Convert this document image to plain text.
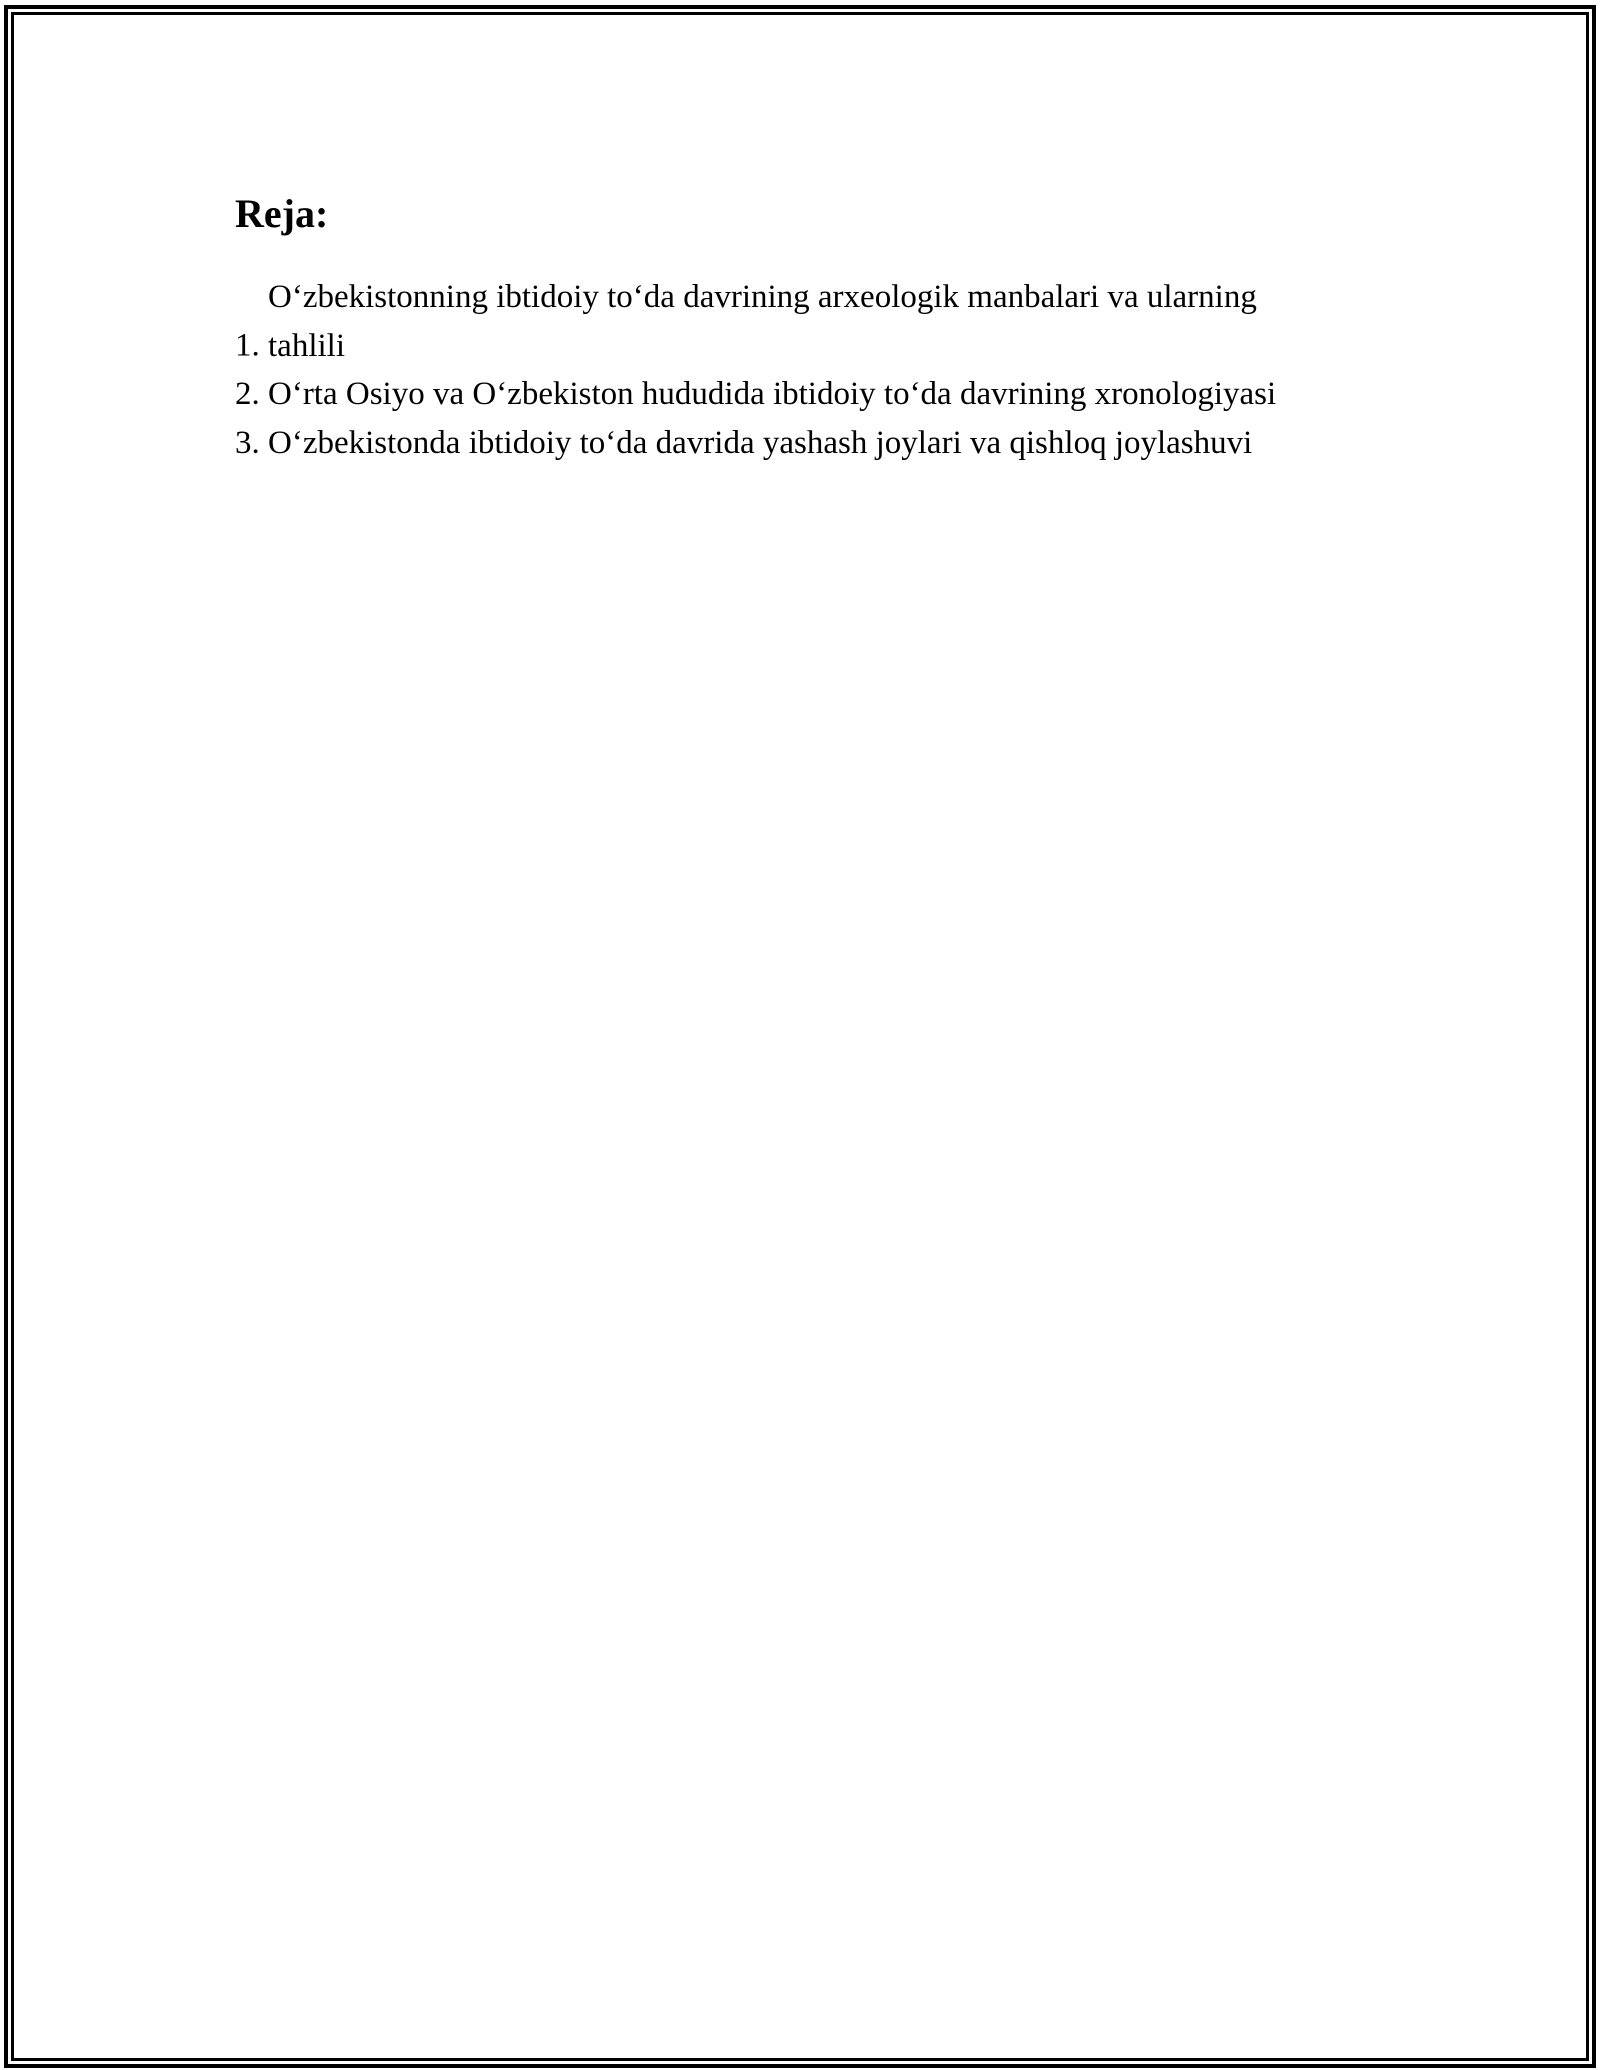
Reja:
1. O‘zbekistonning ibtidoiy to‘da davrining arxeologik manbalari va ularning tahlili
2. O‘rta Osiyo va O‘zbekiston hududida ibtidoiy to‘da davrining xronologiyasi
3. O‘zbekistonda ibtidoiy to‘da davrida yashash joylari va qishloq joylashuvi
